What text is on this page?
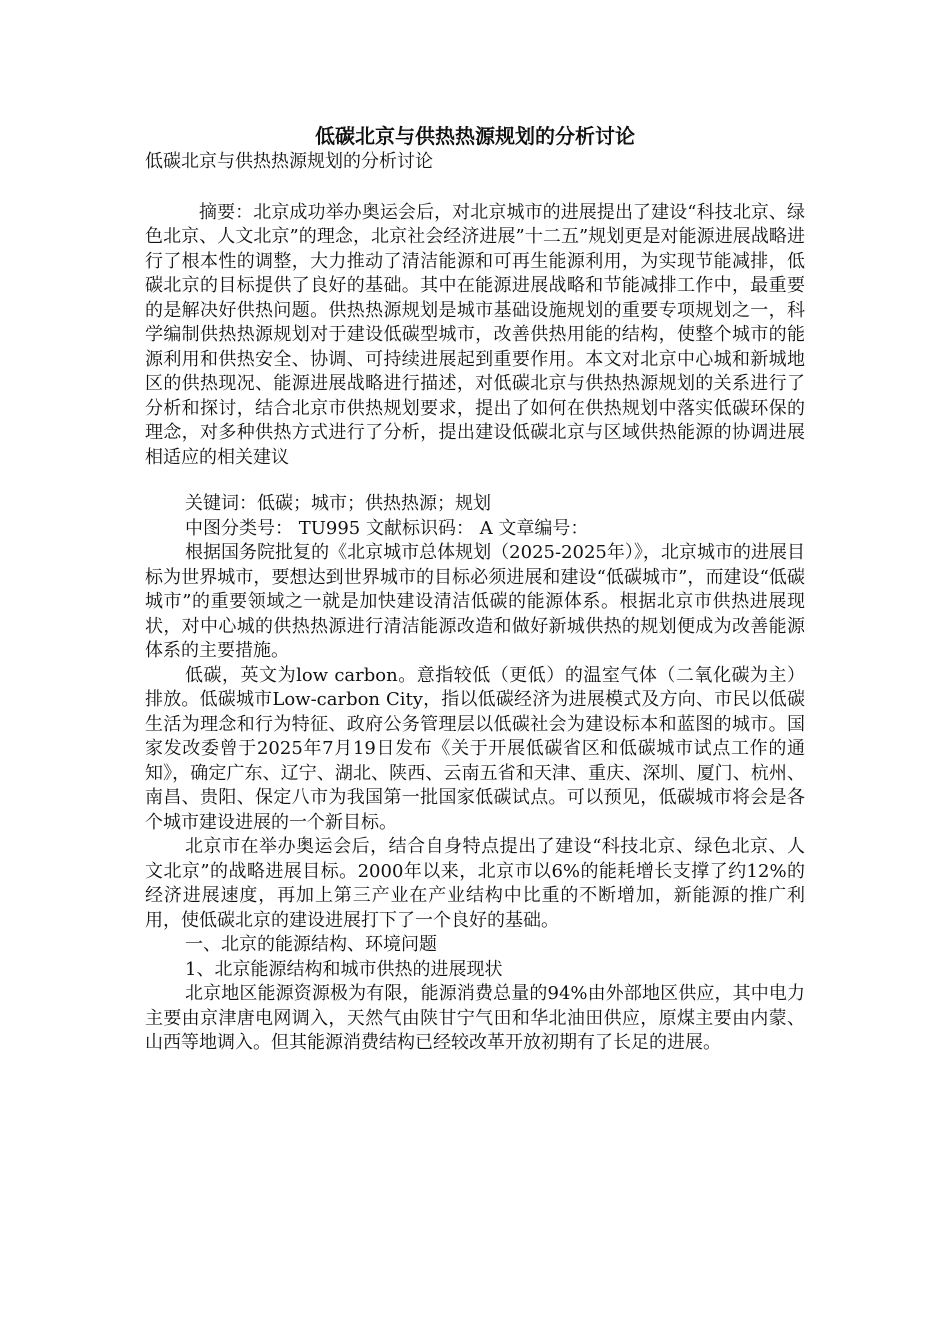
低碳北京与供热热源规划的分析讨论

低碳北京与供热热源规划的分析讨论

摘要：北京成功举办奥运会后，对北京城市的进展提出了建设“科技北京、绿色北京、人文北京”的理念，北京社会经济进展”十二五”规划更是对能源进展战略进行了根本性的调整，大力推动了清洁能源和可再生能源利用，为实现节能减排，低碳北京的目标提供了良好的基础。其中在能源进展战略和节能减排工作中，最重要的是解决好供热问题。供热热源规划是城市基础设施规划的重要专项规划之一，科学编制供热热源规划对于建设低碳型城市，改善供热用能的结构，使整个城市的能源利用和供热安全、协调、可持续进展起到重要作用。本文对北京中心城和新城地区的供热现况、能源进展战略进行描述，对低碳北京与供热热源规划的关系进行了分析和探讨，结合北京市供热规划要求，提出了如何在供热规划中落实低碳环保的理念，对多种供热方式进行了分析，提出建设低碳北京与区域供热能源的协调进展相适应的相关建议

关键词：低碳；城市；供热热源；规划

中图分类号： TU995 文献标识码： A 文章编号：

根据国务院批复的《北京城市总体规划（2025-2025年）》，北京城市的进展目标为世界城市，要想达到世界城市的目标必须进展和建设“低碳城市”，而建设“低碳城市”的重要领域之一就是加快建设清洁低碳的能源体系。根据北京市供热进展现状，对中心城的供热热源进行清洁能源改造和做好新城供热的规划便成为改善能源体系的主要措施。

低碳，英文为low carbon。意指较低（更低）的温室气体（二氧化碳为主）排放。低碳城市Low-carbon City，指以低碳经济为进展模式及方向、市民以低碳生活为理念和行为特征、政府公务管理层以低碳社会为建设标本和蓝图的城市。国家发改委曾于2025年7月19日发布《关于开展低碳省区和低碳城市试点工作的通知》，确定广东、辽宁、湖北、陕西、云南五省和天津、重庆、深圳、厦门、杭州、南昌、贵阳、保定八市为我国第一批国家低碳试点。可以预见，低碳城市将会是各个城市建设进展的一个新目标。

北京市在举办奥运会后，结合自身特点提出了建设“科技北京、绿色北京、人文北京”的战略进展目标。2000年以来，北京市以6%的能耗增长支撑了约12%的经济进展速度，再加上第三产业在产业结构中比重的不断增加，新能源的推广利用，使低碳北京的建设进展打下了一个良好的基础。

一、北京的能源结构、环境问题

1、北京能源结构和城市供热的进展现状

北京地区能源资源极为有限，能源消费总量的94%由外部地区供应，其中电力主要由京津唐电网调入，天然气由陕甘宁气田和华北油田供应，原煤主要由内蒙、山西等地调入。但其能源消费结构已经较改革开放初期有了长足的进展。
